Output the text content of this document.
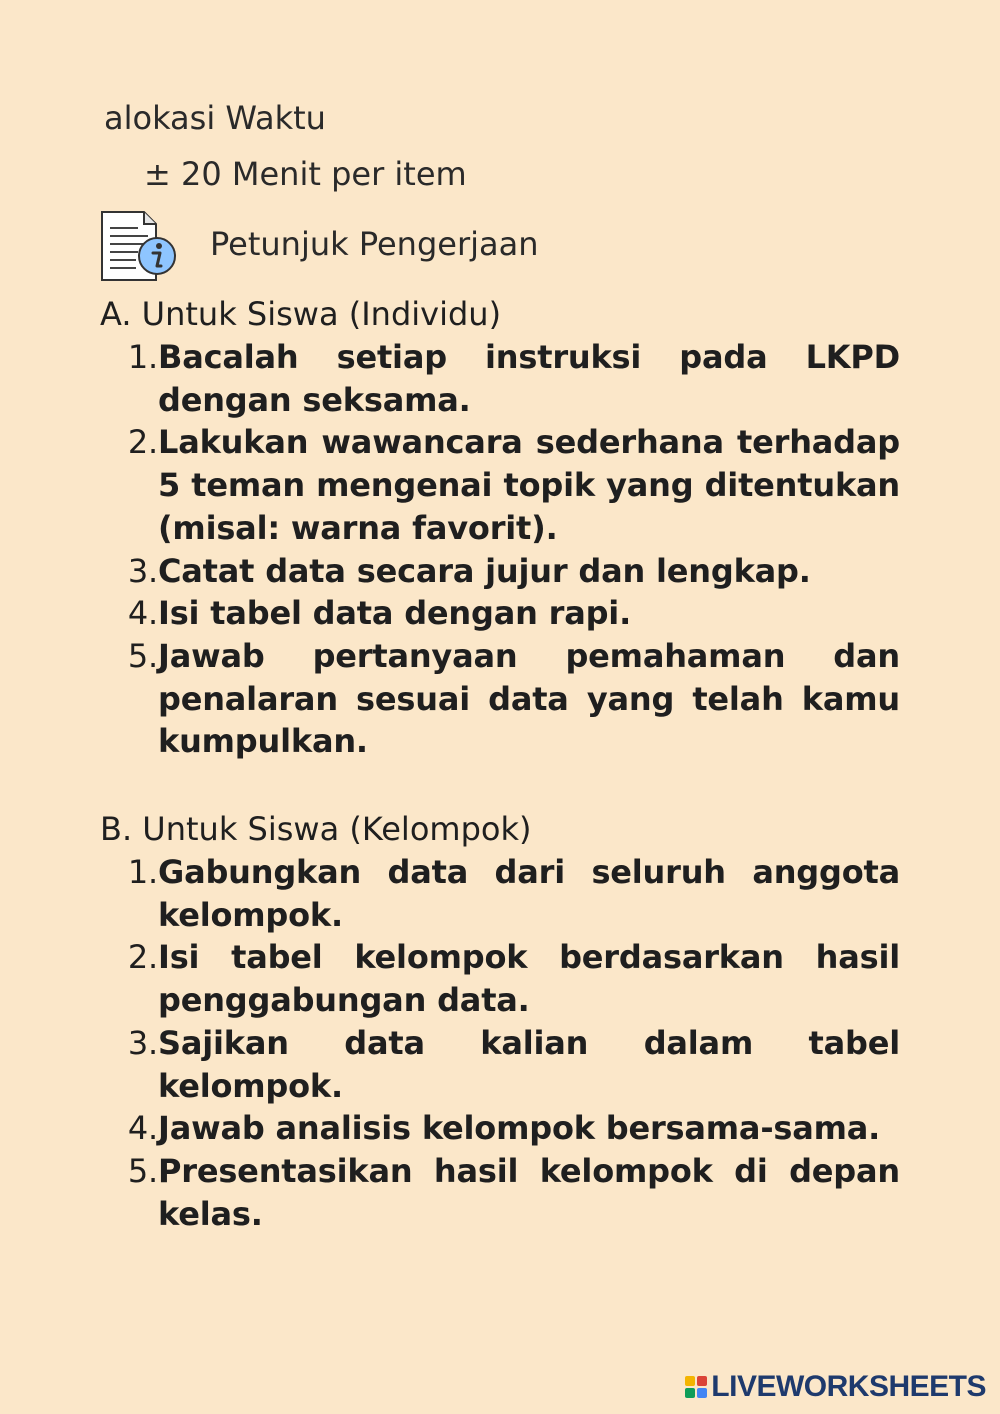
alokasi Waktu
± 20 Menit per item
Petunjuk Pengerjaan
A. Untuk Siswa (Individu)
1. Bacalah setiap instruksi pada LKPD dengan seksama.
2. Lakukan wawancara sederhana terhadap 5 teman mengenai topik yang ditentukan (misal: warna favorit).
3. Catat data secara jujur dan lengkap.
4. Isi tabel data dengan rapi.
5. Jawab pertanyaan pemahaman dan penalaran sesuai data yang telah kamu kumpulkan.
B. Untuk Siswa (Kelompok)
1. Gabungkan data dari seluruh anggota kelompok.
2. Isi tabel kelompok berdasarkan hasil penggabungan data.
3. Sajikan data kalian dalam tabel kelompok.
4. Jawab analisis kelompok bersama-sama.
5. Presentasikan hasil kelompok di depan kelas.
LIVEWORKSHEETS
